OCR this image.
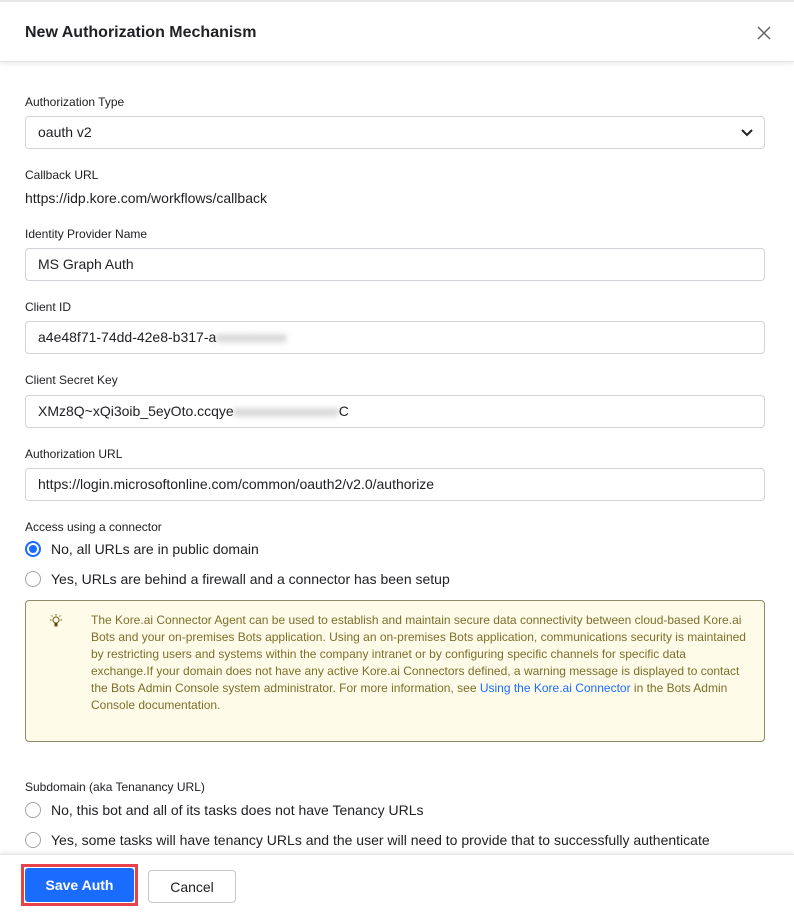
New Authorization Mechanism
Authorization Type
oauth v2
Callback URL
https://idp.kore.com/workflows/callback
Identity Provider Name
MS Graph Auth
Client ID
a4e48f71-74dd-42e8-b317-axxxxxxxxxx
Client Secret Key
XMz8Q~xQi3oib_5eyOto.ccqyexxxxxxxxxxxxxxxC
Authorization URL
https://login.microsoftonline.com/common/oauth2/v2.0/authorize
Access using a connector
No, all URLs are in public domain
Yes, URLs are behind a firewall and a connector has been setup

The Kore.ai Connector Agent can be used to establish and maintain secure data connectivity between cloud-based Kore.ai Bots and your on-premises Bots application. Using an on-premises Bots application, communications security is maintained by restricting users and systems within the company intranet or by configuring specific channels for specific data exchange.If your domain does not have any active Kore.ai Connectors defined, a warning message is displayed to contact the Bots Admin Console system administrator. For more information, see Using the Kore.ai Connector in the Bots Admin Console documentation.

Subdomain (aka Tenanancy URL)
No, this bot and all of its tasks does not have Tenancy URLs
Yes, some tasks will have tenancy URLs and the user will need to provide that to successfully authenticate
Save Auth	Cancel
